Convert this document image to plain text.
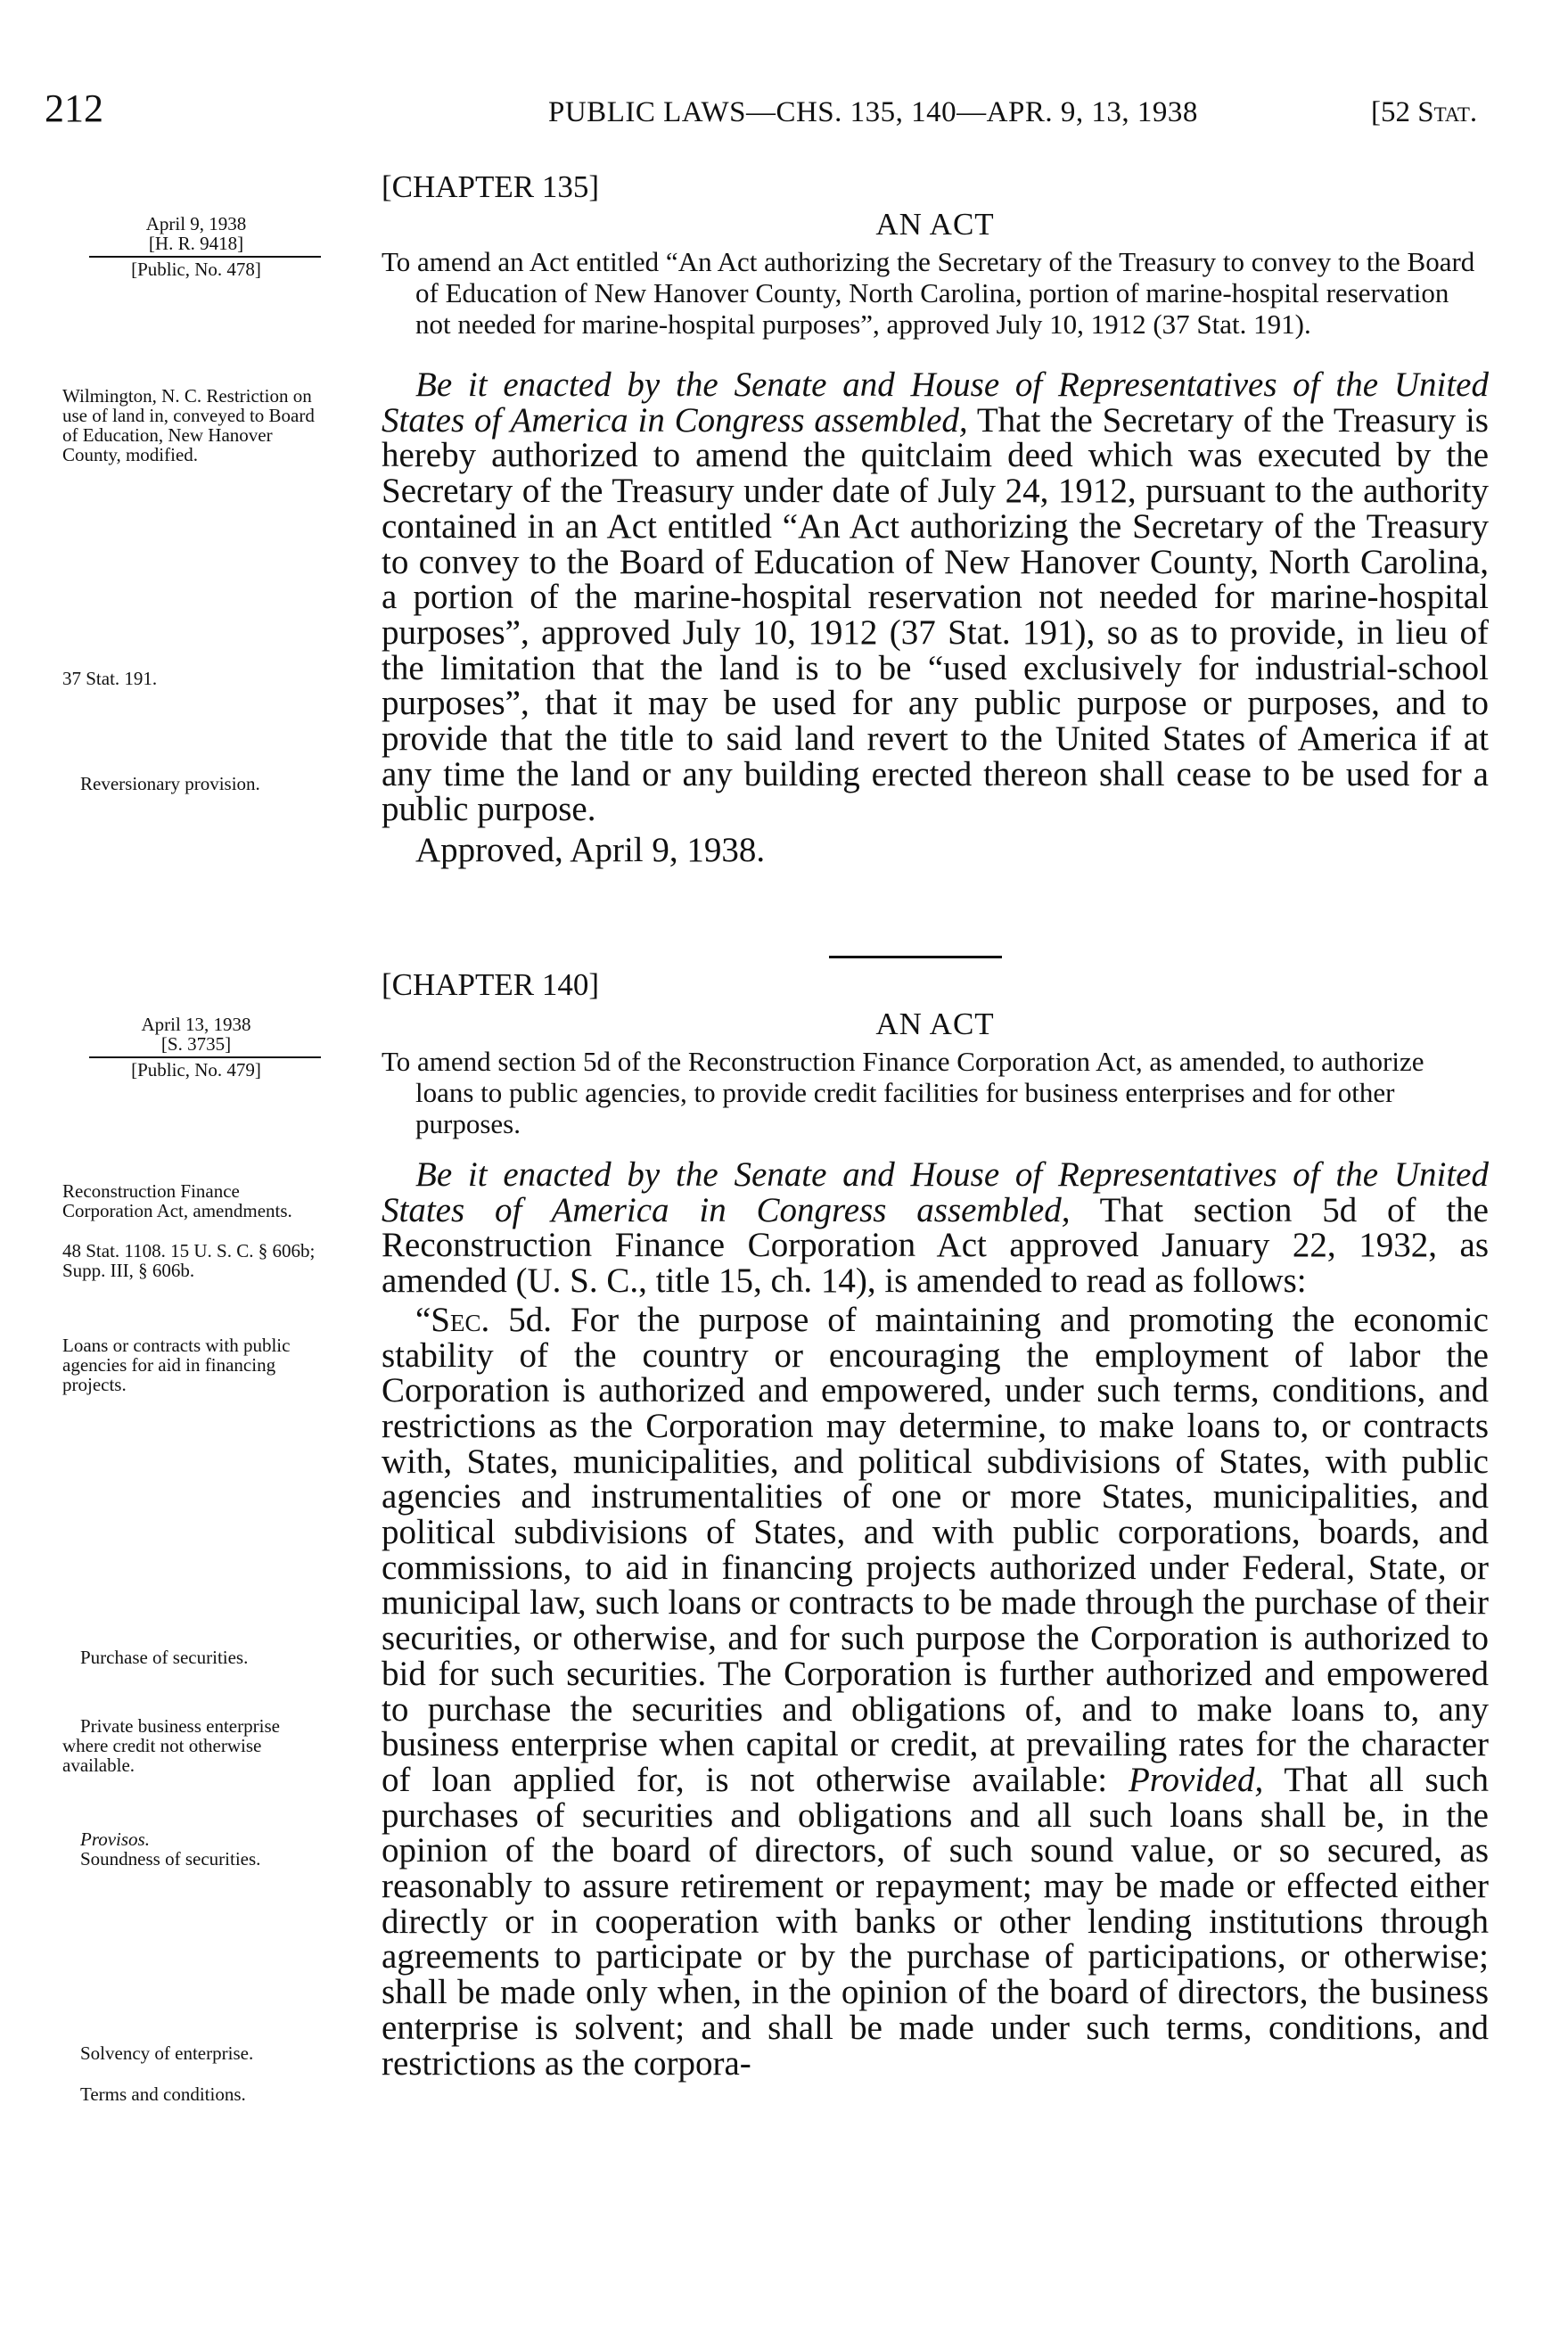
212	PUBLIC LAWS—CHS. 135, 140—APR. 9, 13, 1938	[52 Stat.
[CHAPTER 135]
AN ACT
To amend an Act entitled “An Act authorizing the Secretary of the Treasury to convey to the Board of Education of New Hanover County, North Carolina, portion of marine-hospital reservation not needed for marine-hospital purposes”, approved July 10, 1912 (37 Stat. 191).
April 9, 1938
[H. R. 9418]
[Public, No. 478]

Be it enacted by the Senate and House of Representatives of the United States of America in Congress assembled, That the Secretary of the Treasury is hereby authorized to amend the quitclaim deed which was executed by the Secretary of the Treasury under date of July 24, 1912, pursuant to the authority contained in an Act entitled “An Act authorizing the Secretary of the Treasury to convey to the Board of Education of New Hanover County, North Carolina, a portion of the marine-hospital reservation not needed for marine-hospital purposes”, approved July 10, 1912 (37 Stat. 191), so as to provide, in lieu of the limitation that the land is to be “used exclusively for industrial-school purposes”, that it may be used for any public purpose or purposes, and to provide that the title to said land revert to the United States of America if at any time the land or any building erected thereon shall cease to be used for a public purpose.

Approved, April 9, 1938.

Wilmington, N. C. Restriction on use of land in, conveyed to Board of Education, New Hanover County, modified.
37 Stat. 191.
Reversionary provision.
[CHAPTER 140]
AN ACT
To amend section 5d of the Reconstruction Finance Corporation Act, as amended, to authorize loans to public agencies, to provide credit facilities for business enterprises and for other purposes.
April 13, 1938
[S. 3735]
[Public, No. 479]

Be it enacted by the Senate and House of Representatives of the United States of America in Congress assembled, That section 5d of the Reconstruction Finance Corporation Act approved January 22, 1932, as amended (U. S. C., title 15, ch. 14), is amended to read as follows:

“Sec. 5d. For the purpose of maintaining and promoting the economic stability of the country or encouraging the employment of labor the Corporation is authorized and empowered, under such terms, conditions, and restrictions as the Corporation may determine, to make loans to, or contracts with, States, municipalities, and political subdivisions of States, with public agencies and instrumentalities of one or more States, municipalities, and political subdivisions of States, and with public corporations, boards, and commissions, to aid in financing projects authorized under Federal, State, or municipal law, such loans or contracts to be made through the purchase of their securities, or otherwise, and for such purpose the Corporation is authorized to bid for such securities. The Corporation is further authorized and empowered to purchase the securities and obligations of, and to make loans to, any business enterprise when capital or credit, at prevailing rates for the character of loan applied for, is not otherwise available: Provided, That all such purchases of securities and obligations and all such loans shall be, in the opinion of the board of directors, of such sound value, or so secured, as reasonably to assure retirement or repayment; may be made or effected either directly or in cooperation with banks or other lending institutions through agreements to participate or by the purchase of participations, or otherwise; shall be made only when, in the opinion of the board of directors, the business enterprise is solvent; and shall be made under such terms, conditions, and restrictions as the corpora-

Reconstruction Finance Corporation Act, amendments.
48 Stat. 1108. 15 U. S. C. § 606b; Supp. III, § 606b.
Loans or contracts with public agencies for aid in financing projects.
Purchase of securities.
Private business enterprise where credit not otherwise available.
Provisos.
Soundness of securities.
Solvency of enterprise.
Terms and conditions.
